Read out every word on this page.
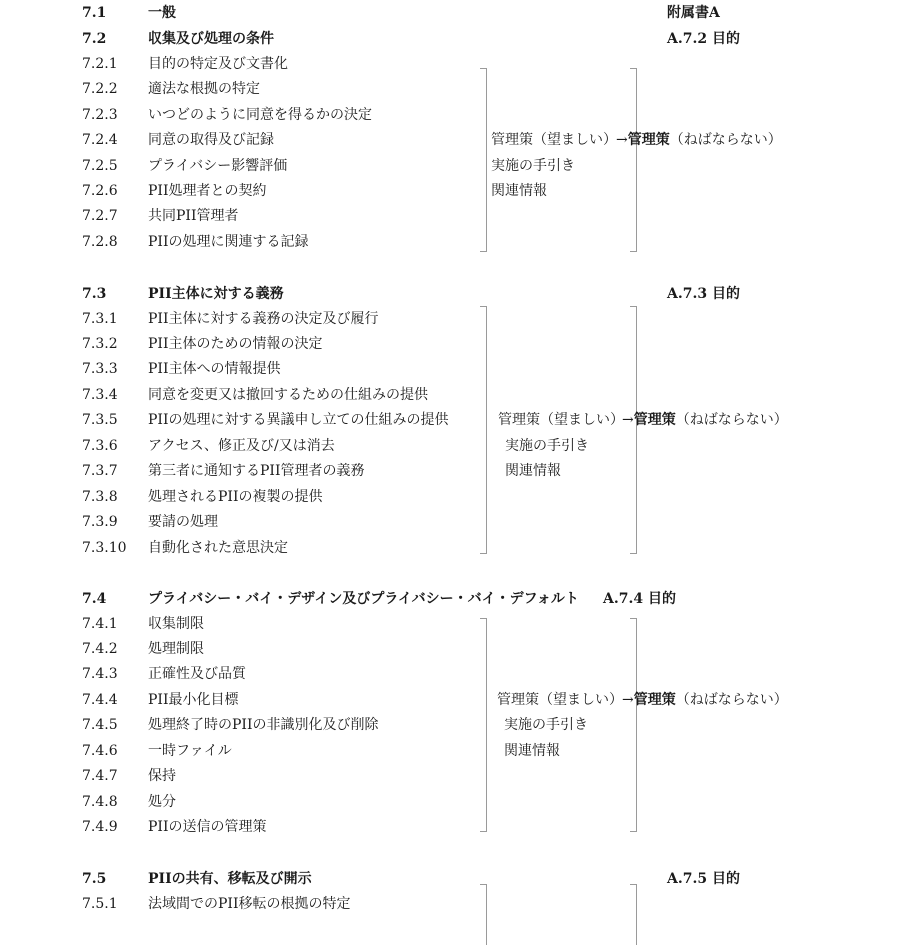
7.1	一般	附属書A
7.2	収集及び処理の条件	A.7.2 目的
7.2.1 目的の特定及び文書化
7.2.2 適法な根拠の特定
7.2.3 いつどのように同意を得るかの決定
7.2.4 同意の取得及び記録
7.2.5 プライバシー影響評価
7.2.6 PII処理者との契約
7.2.7 共同PII管理者
7.2.8 PIIの処理に関連する記録
管理策（望ましい）
実施の手引き
関連情報
→管理策（ねばならない）
7.3	PII主体に対する義務	A.7.3 目的
7.3.1 PII主体に対する義務の決定及び履行
7.3.2 PII主体のための情報の決定
7.3.3 PII主体への情報提供
7.3.4 同意を変更又は撤回するための仕組みの提供
7.3.5 PIIの処理に対する異議申し立ての仕組みの提供
7.3.6 アクセス、修正及び/又は消去
7.3.7 第三者に通知するPII管理者の義務
7.3.8 処理されるPIIの複製の提供
7.3.9 要請の処理
7.3.10 自動化された意思決定
管理策（望ましい）
実施の手引き
関連情報
→管理策（ねばならない）
7.4	プライバシー・バイ・デザイン及びプライバシー・バイ・デフォルト A.7.4 目的
7.4.1 収集制限
7.4.2 処理制限
7.4.3 正確性及び品質
7.4.4 PII最小化目標
7.4.5 処理終了時のPIIの非識別化及び削除
7.4.6 一時ファイル
7.4.7 保持
7.4.8 処分
7.4.9 PIIの送信の管理策
管理策（望ましい）
実施の手引き
関連情報
→管理策（ねばならない）
7.5	PIIの共有、移転及び開示	A.7.5 目的
7.5.1 法域間でのPII移転の根拠の特定
